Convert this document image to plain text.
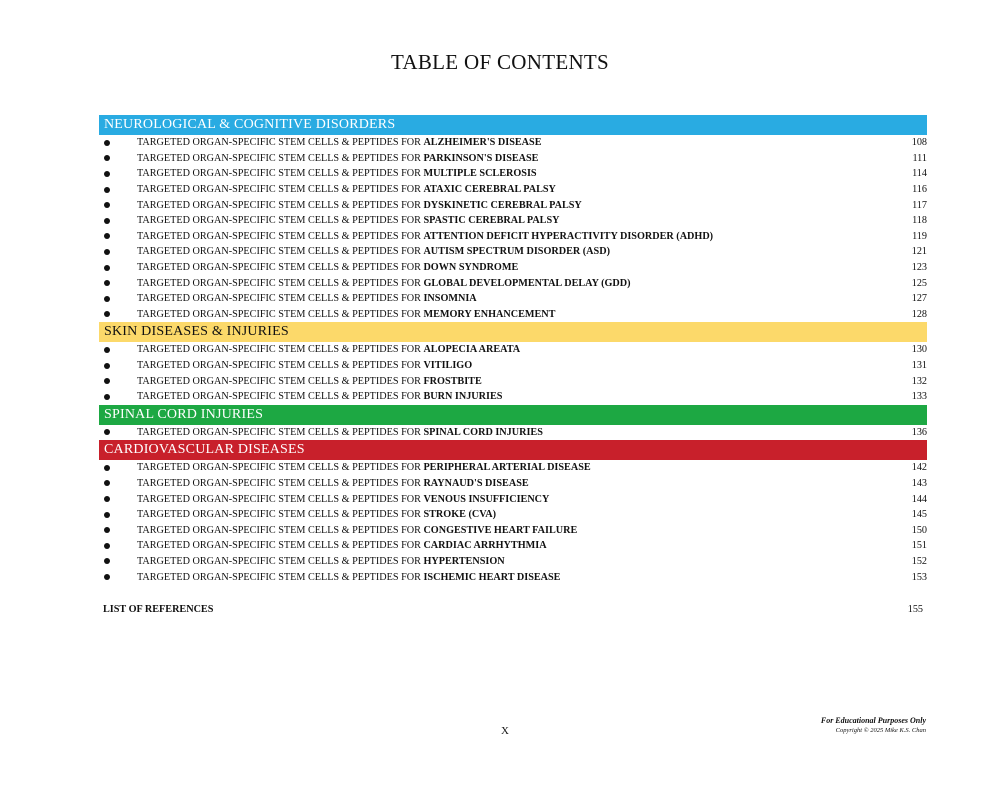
TABLE OF CONTENTS
NEUROLOGICAL & COGNITIVE DISORDERS
TARGETED ORGAN-SPECIFIC STEM CELLS & PEPTIDES FOR ALZHEIMER'S DISEASE	108
TARGETED ORGAN-SPECIFIC STEM CELLS & PEPTIDES FOR PARKINSON'S DISEASE	111
TARGETED ORGAN-SPECIFIC STEM CELLS & PEPTIDES FOR MULTIPLE SCLEROSIS	114
TARGETED ORGAN-SPECIFIC STEM CELLS & PEPTIDES FOR ATAXIC CEREBRAL PALSY	116
TARGETED ORGAN-SPECIFIC STEM CELLS & PEPTIDES FOR DYSKINETIC CEREBRAL PALSY	117
TARGETED ORGAN-SPECIFIC STEM CELLS & PEPTIDES FOR SPASTIC CEREBRAL PALSY	118
TARGETED ORGAN-SPECIFIC STEM CELLS & PEPTIDES FOR ATTENTION DEFICIT HYPERACTIVITY DISORDER (ADHD)	119
TARGETED ORGAN-SPECIFIC STEM CELLS & PEPTIDES FOR AUTISM SPECTRUM DISORDER (ASD)	121
TARGETED ORGAN-SPECIFIC STEM CELLS & PEPTIDES FOR DOWN SYNDROME	123
TARGETED ORGAN-SPECIFIC STEM CELLS & PEPTIDES FOR GLOBAL DEVELOPMENTAL DELAY (GDD)	125
TARGETED ORGAN-SPECIFIC STEM CELLS & PEPTIDES FOR INSOMNIA	127
TARGETED ORGAN-SPECIFIC STEM CELLS & PEPTIDES FOR MEMORY ENHANCEMENT	128
SKIN DISEASES & INJURIES
TARGETED ORGAN-SPECIFIC STEM CELLS & PEPTIDES FOR ALOPECIA AREATA	130
TARGETED ORGAN-SPECIFIC STEM CELLS & PEPTIDES FOR VITILIGO	131
TARGETED ORGAN-SPECIFIC STEM CELLS & PEPTIDES FOR FROSTBITE	132
TARGETED ORGAN-SPECIFIC STEM CELLS & PEPTIDES FOR BURN INJURIES	133
SPINAL CORD INJURIES
TARGETED ORGAN-SPECIFIC STEM CELLS & PEPTIDES FOR SPINAL CORD INJURIES	136
CARDIOVASCULAR DISEASES
TARGETED ORGAN-SPECIFIC STEM CELLS & PEPTIDES FOR PERIPHERAL ARTERIAL DISEASE	142
TARGETED ORGAN-SPECIFIC STEM CELLS & PEPTIDES FOR RAYNAUD'S DISEASE	143
TARGETED ORGAN-SPECIFIC STEM CELLS & PEPTIDES FOR VENOUS INSUFFICIENCY	144
TARGETED ORGAN-SPECIFIC STEM CELLS & PEPTIDES FOR STROKE (CVA)	145
TARGETED ORGAN-SPECIFIC STEM CELLS & PEPTIDES FOR CONGESTIVE HEART FAILURE	150
TARGETED ORGAN-SPECIFIC STEM CELLS & PEPTIDES FOR CARDIAC ARRHYTHMIA	151
TARGETED ORGAN-SPECIFIC STEM CELLS & PEPTIDES FOR HYPERTENSION	152
TARGETED ORGAN-SPECIFIC STEM CELLS & PEPTIDES FOR ISCHEMIC HEART DISEASE	153
LIST OF REFERENCES	155
X
For Educational Purposes Only
Copyright © 2025 Mike K.S. Chan
